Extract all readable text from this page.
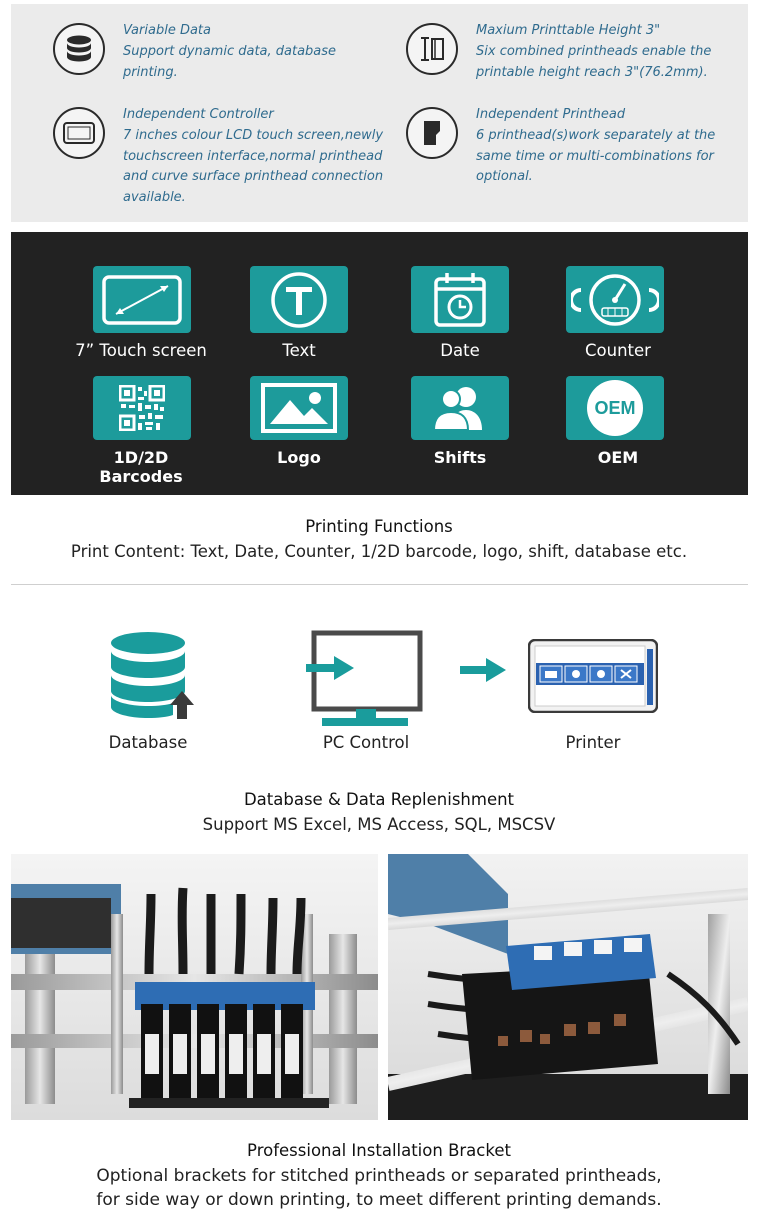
Variable Data
Support dynamic data, database
printing.
Maxium Printtable Height 3"
Six combined printheads enable the
printable height reach 3"(76.2mm).
Independent Controller
7 inches colour LCD touch screen,newly
touchscreen interface,normal printhead
and curve surface printhead connection
available.
Independent Printhead
6 printhead(s)work separately at the
same time or multi-combinations for
optional.
7” Touch screen	Text	Date	Counter
1D/2D Barcodes
Logo	Shifts
OEM
OEM
Printing Functions
Print Content: Text, Date, Counter, 1/2D barcode, logo, shift, database etc.
Database	PC Control	Printer
Database & Data Replenishment
Support MS Excel, MS Access, SQL, MSCSV
Professional Installation Bracket
Optional brackets for stitched printheads or separated printheads,
for side way or down printing, to meet different printing demands.
